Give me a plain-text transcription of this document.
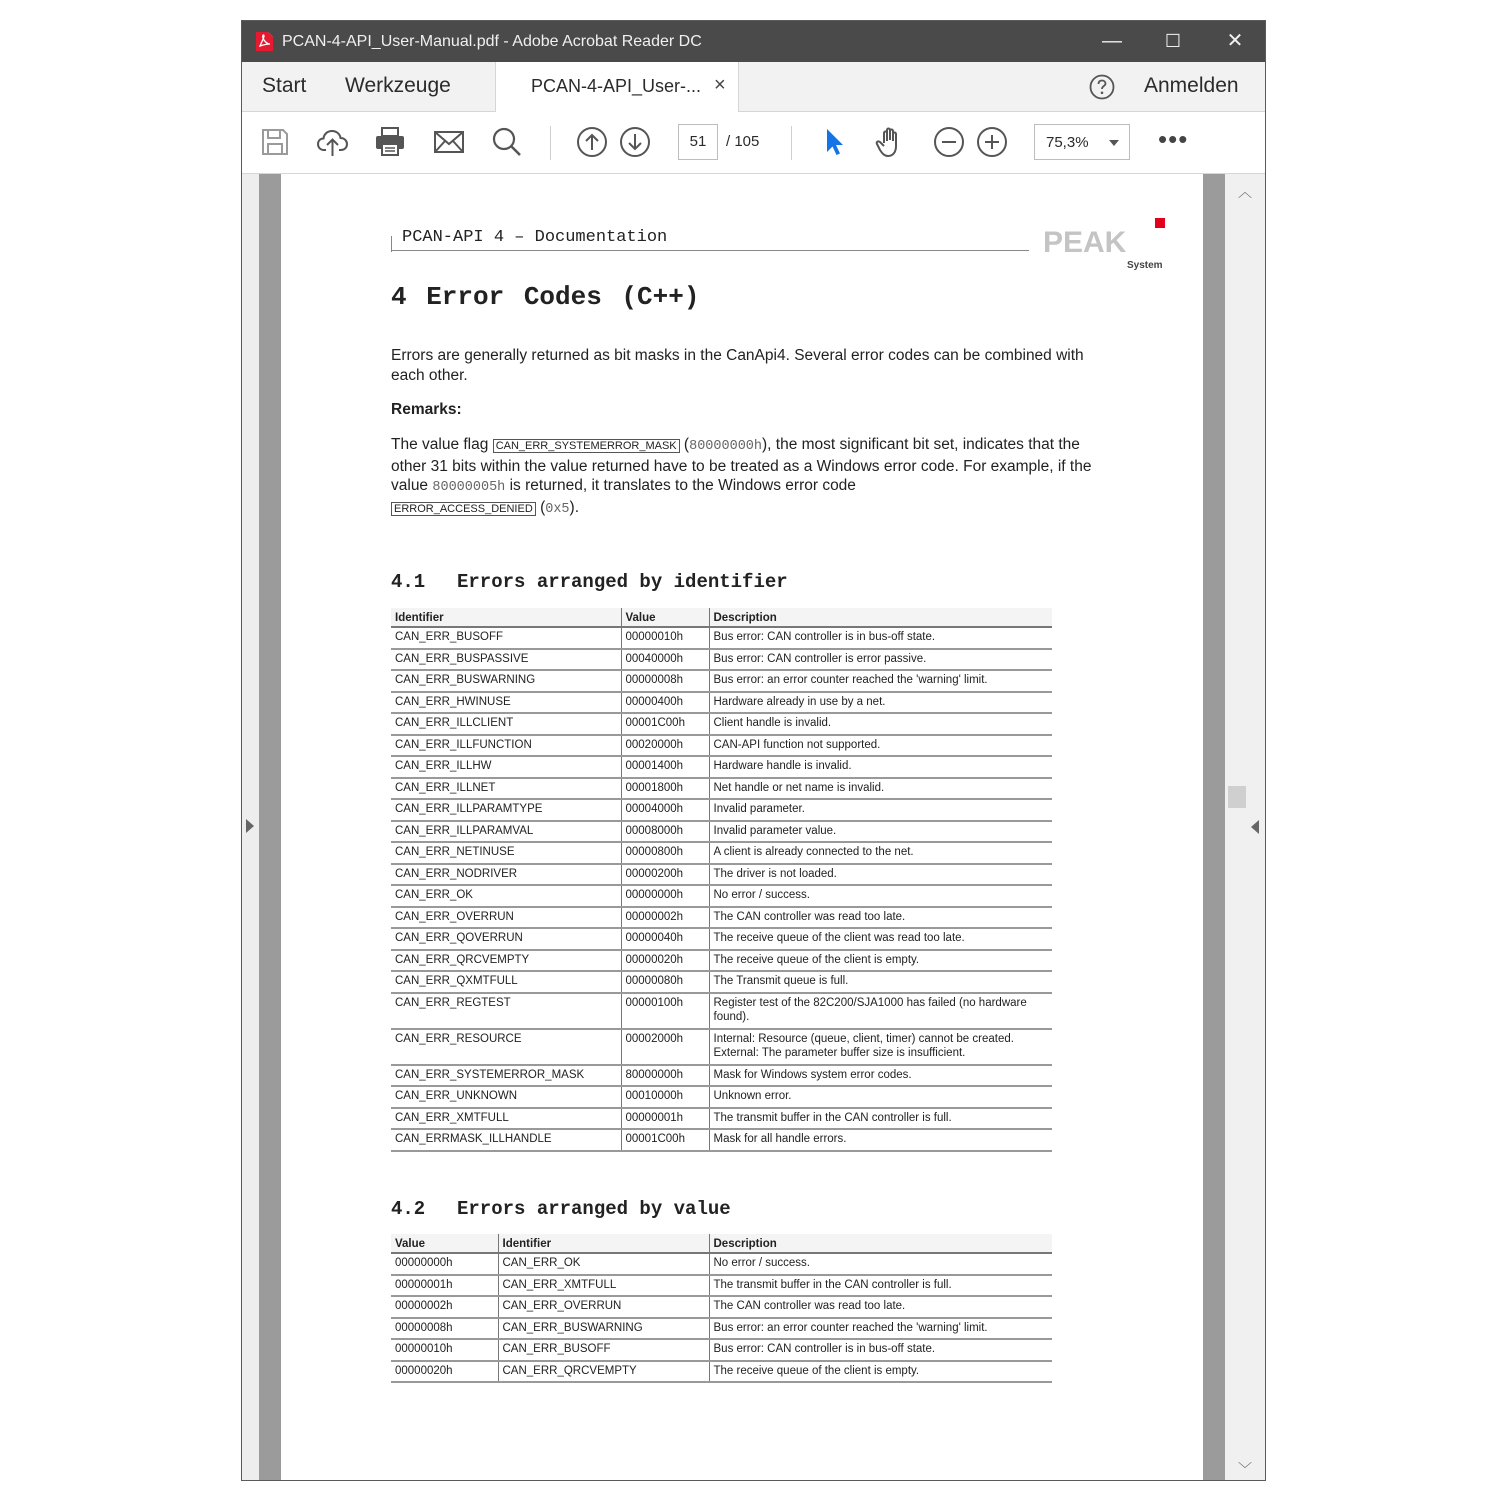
PCAN-4-API_User-Manual.pdf - Adobe Acrobat Reader DC	—	☐	✕
Start Werkzeuge	PCAN-4-API_User-... ×	Anmelden
51	/ 105	75,3%	•••
PCAN-API 4 – Documentation	PEAK
System
4 Error Codes (C++)
Errors are generally returned as bit masks in the CanApi4. Several error codes can be combined with each other.
Remarks:
The value flag CAN_ERR_SYSTEMERROR_MASK (80000000h), the most significant bit set, indicates that the other 31 bits within the value returned have to be treated as a Windows error code. For example, if the value 80000005h is returned, it translates to the Windows error code
ERROR_ACCESS_DENIED (0x5).
4.1 Errors arranged by identifier
Identifier	Value	Description
CAN_ERR_BUSOFF	00000010h	Bus error: CAN controller is in bus-off state.
CAN_ERR_BUSPASSIVE	00040000h	Bus error: CAN controller is error passive.
CAN_ERR_BUSWARNING	00000008h	Bus error: an error counter reached the 'warning' limit.
CAN_ERR_HWINUSE	00000400h	Hardware already in use by a net.
CAN_ERR_ILLCLIENT	00001C00h	Client handle is invalid.
CAN_ERR_ILLFUNCTION	00020000h	CAN-API function not supported.
CAN_ERR_ILLHW	00001400h	Hardware handle is invalid.
CAN_ERR_ILLNET	00001800h	Net handle or net name is invalid.
CAN_ERR_ILLPARAMTYPE	00004000h	Invalid parameter.
CAN_ERR_ILLPARAMVAL	00008000h	Invalid parameter value.
CAN_ERR_NETINUSE	00000800h	A client is already connected to the net.
CAN_ERR_NODRIVER	00000200h	The driver is not loaded.
CAN_ERR_OK	00000000h	No error / success.
CAN_ERR_OVERRUN	00000002h	The CAN controller was read too late.
CAN_ERR_QOVERRUN	00000040h	The receive queue of the client was read too late.
CAN_ERR_QRCVEMPTY	00000020h	The receive queue of the client is empty.
CAN_ERR_QXMTFULL	00000080h	The Transmit queue is full.
CAN_ERR_REGTEST	00000100h	Register test of the 82C200/SJA1000 has failed (no hardware found).
CAN_ERR_RESOURCE	00002000h	Internal: Resource (queue, client, timer) cannot be created.
External: The parameter buffer size is insufficient.
CAN_ERR_SYSTEMERROR_MASK	80000000h	Mask for Windows system error codes.
CAN_ERR_UNKNOWN	00010000h	Unknown error.
CAN_ERR_XMTFULL	00000001h	The transmit buffer in the CAN controller is full.
CAN_ERRMASK_ILLHANDLE	00001C00h	Mask for all handle errors.
4.2 Errors arranged by value
Value	Identifier	Description
00000000h	CAN_ERR_OK	No error / success.
00000001h	CAN_ERR_XMTFULL	The transmit buffer in the CAN controller is full.
00000002h	CAN_ERR_OVERRUN	The CAN controller was read too late.
00000008h	CAN_ERR_BUSWARNING	Bus error: an error counter reached the 'warning' limit.
00000010h	CAN_ERR_BUSOFF	Bus error: CAN controller is in bus-off state.
00000020h	CAN_ERR_QRCVEMPTY	The receive queue of the client is empty.
︿
﹀
